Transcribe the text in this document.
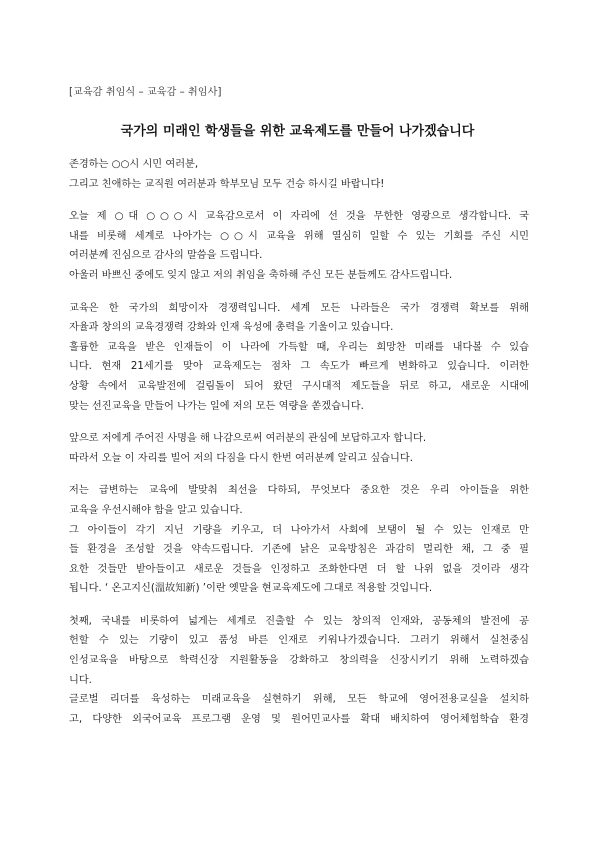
[교육감 취임식 – 교육감 – 취임사]
국가의 미래인 학생들을 위한 교육제도를 만들어 나가겠습니다
존경하는 ○○시 시민 여러분,
그리고 친애하는 교직원 여러분과 학부모님 모두 건승 하시길 바랍니다!
오늘 제 ○대 ○○○시 교육감으로서 이 자리에 선 것을 무한한 영광으로 생각합니다. 국
내를 비롯해 세계로 나아가는 ○○시 교육을 위해 열심히 일할 수 있는 기회를 주신 시민
여러분께 진심으로 감사의 말씀을 드립니다.
아울러 바쁘신 중에도 잊지 않고 저의 취임을 축하해 주신 모든 분들께도 감사드립니다.
교육은 한 국가의 희망이자 경쟁력입니다. 세계 모든 나라들은 국가 경쟁력 확보를 위해
자율과 창의의 교육경쟁력 강화와 인재 육성에 총력을 기울이고 있습니다.
훌륭한 교육을 받은 인재들이 이 나라에 가득할 때, 우리는 희망찬 미래를 내다볼 수 있습
니다. 현재 21세기를 맞아 교육제도는 점차 그 속도가 빠르게 변화하고 있습니다. 이러한
상황 속에서 교육발전에 걸림돌이 되어 왔던 구시대적 제도들을 뒤로 하고, 새로운 시대에
맞는 선진교육을 만들어 나가는 일에 저의 모든 역량을 쏟겠습니다.
앞으로 저에게 주어진 사명을 해 나감으로써 여러분의 관심에 보답하고자 합니다.
따라서 오늘 이 자리를 빌어 저의 다짐을 다시 한번 여러분께 알리고 싶습니다.
저는 급변하는 교육에 발맞춰 최선을 다하되, 무엇보다 중요한 것은 우리 아이들을 위한
교육을 우선시해야 함을 알고 있습니다.
그 아이들이 각기 지닌 기량을 키우고, 더 나아가서 사회에 보탬이 될 수 있는 인재로 만
들 환경을 조성할 것을 약속드립니다. 기존에 낡은 교육방침은 과감히 멀리한 채, 그 중 필
요한 것들만 받아들이고 새로운 것들을 인정하고 조화한다면 더 할 나위 없을 것이라 생각
됩니다. ‘ 온고지신(溫故知新) ’이란 옛말을 현교육제도에 그대로 적용할 것입니다.
첫째, 국내를 비롯하여 넓게는 세계로 진출할 수 있는 창의적 인재와, 공동체의 발전에 공
헌할 수 있는 기량이 있고 품성 바른 인재로 키워나가겠습니다. 그러기 위해서 실천중심
인성교육을 바탕으로 학력신장 지원활동을 강화하고 창의력을 신장시키기 위해 노력하겠습
니다.
글로벌 리더를 육성하는 미래교육을 실현하기 위해, 모든 학교에 영어전용교실을 설치하
고, 다양한 외국어교육 프로그램 운영 및 원어민교사를 확대 배치하여 영어체험학습 환경
